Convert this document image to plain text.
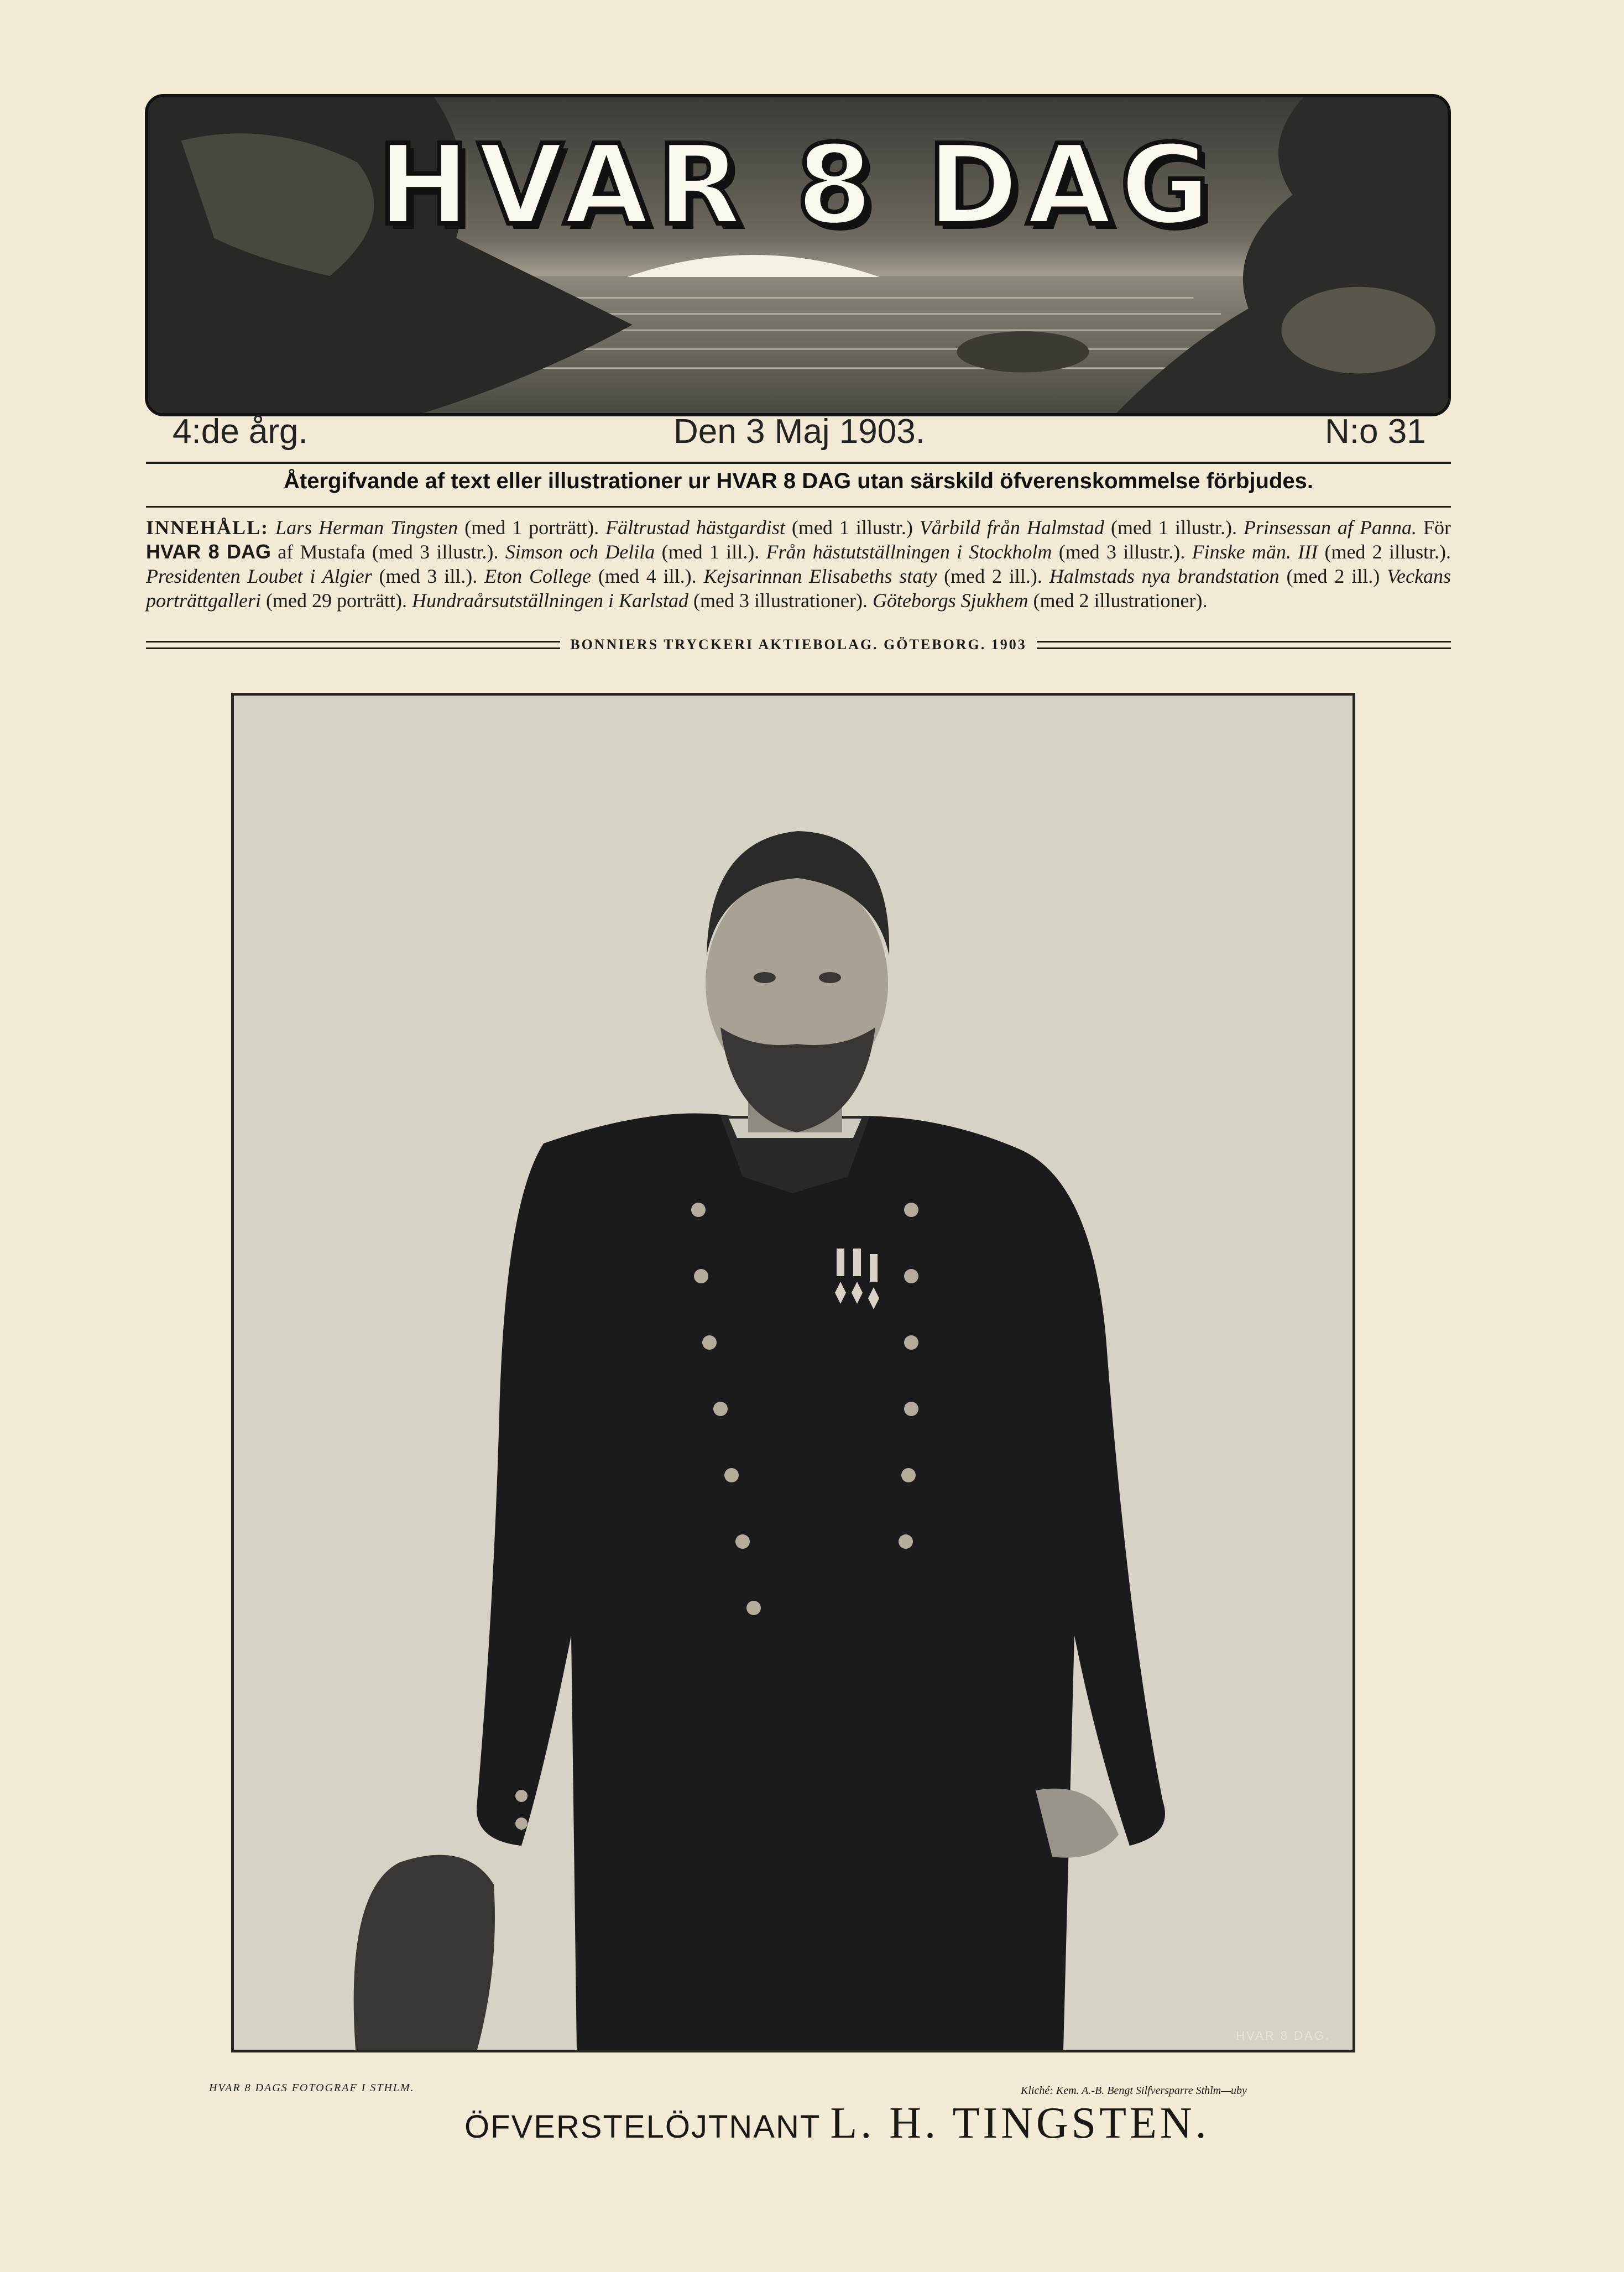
HVAR 8 DAG
4:de årg.	Den 3 Maj 1903.	N:o 31
Återgifvande af text eller illustrationer ur HVAR 8 DAG utan särskild öfverenskommelse förbjudes.
INNEHÅLL: Lars Herman Tingsten (med 1 porträtt). Fältrustad hästgardist (med 1 illustr.) Vårbild från Halmstad (med 1 illustr.). Prinsessan af Panna. För HVAR 8 DAG af Mustafa (med 3 illustr.). Simson och Delila (med 1 ill.). Från hästutställningen i Stockholm (med 3 illustr.). Finske män. III (med 2 illustr.). Presidenten Loubet i Algier (med 3 ill.). Eton College (med 4 ill.). Kejsarinnan Elisabeths staty (med 2 ill.). Halmstads nya brandstation (med 2 ill.) Veckans porträttgalleri (med 29 porträtt). Hundraårsutställningen i Karlstad (med 3 illustrationer). Göteborgs Sjukhem (med 2 illustrationer).
BONNIERS TRYCKERI AKTIEBOLAG. GÖTEBORG. 1903
HVAR 8 DAG.
HVAR 8 DAGS FOTOGRAF I STHLM.	Kliché: Kem. A.-B. Bengt Silfversparre Sthlm—uby
ÖFVERSTELÖJTNANT L. H. TINGSTEN.
